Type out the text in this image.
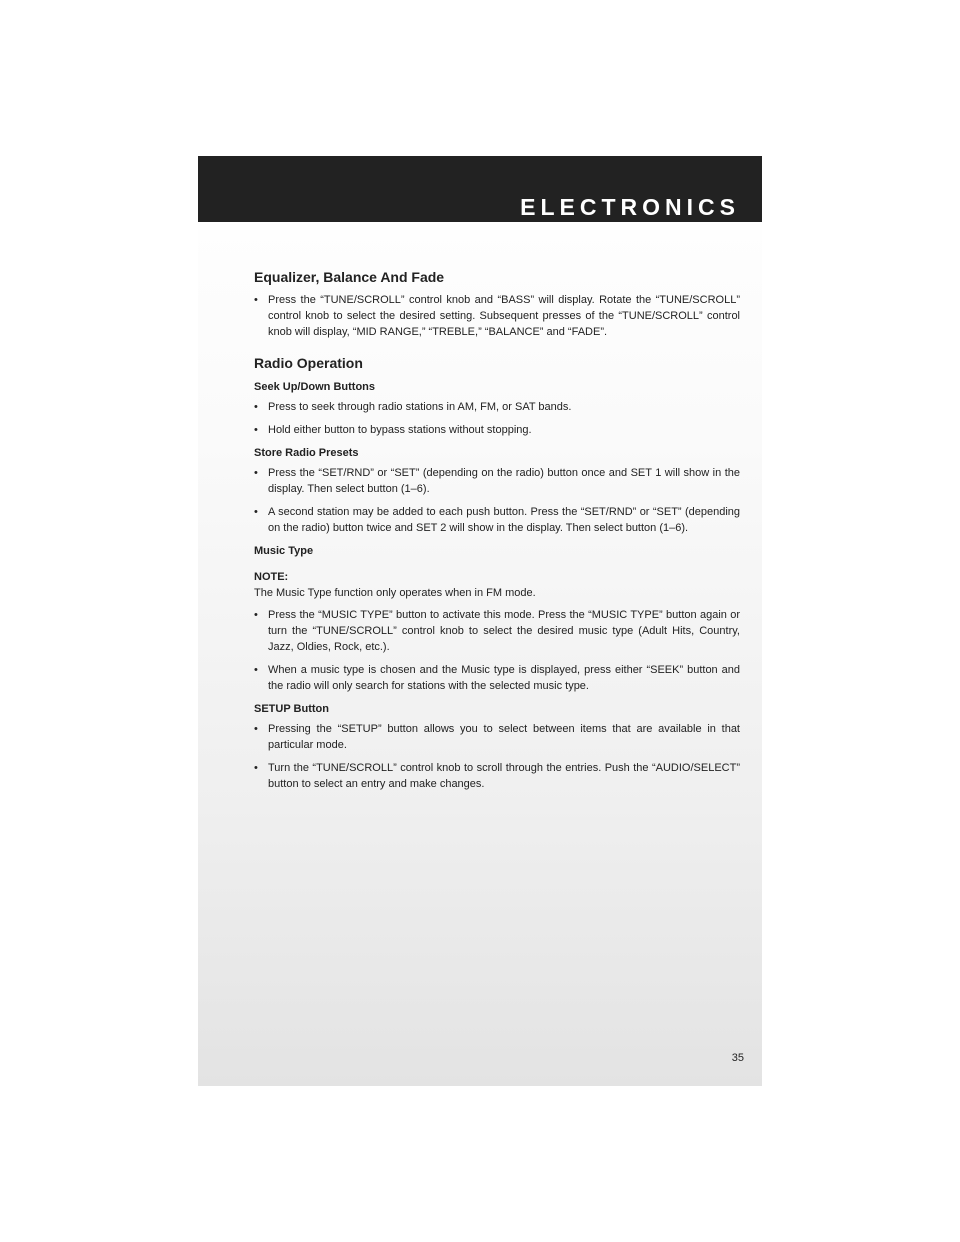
ELECTRONICS
Equalizer, Balance And Fade
• Press the “TUNE/SCROLL” control knob and “BASS” will display. Rotate the “TUNE/SCROLL” control knob to select the desired setting. Subsequent presses of the “TUNE/SCROLL” control knob will display, “MID RANGE,” “TREBLE,” “BALANCE” and “FADE”.
Radio Operation
Seek Up/Down Buttons
• Press to seek through radio stations in AM, FM, or SAT bands.
• Hold either button to bypass stations without stopping.
Store Radio Presets
• Press the “SET/RND” or “SET” (depending on the radio) button once and SET 1 will show in the display. Then select button (1–6).
• A second station may be added to each push button. Press the “SET/RND” or “SET” (depending on the radio) button twice and SET 2 will show in the display. Then select button (1–6).
Music Type

NOTE:

The Music Type function only operates when in FM mode.

• Press the “MUSIC TYPE” button to activate this mode. Press the “MUSIC TYPE” button again or turn the “TUNE/SCROLL” control knob to select the desired music type (Adult Hits, Country, Jazz, Oldies, Rock, etc.).
• When a music type is chosen and the Music type is displayed, press either “SEEK” button and the radio will only search for stations with the selected music type.
SETUP Button
• Pressing the “SETUP” button allows you to select between items that are available in that particular mode.
• Turn the “TUNE/SCROLL” control knob to scroll through the entries. Push the “AUDIO/SELECT” button to select an entry and make changes.
35
